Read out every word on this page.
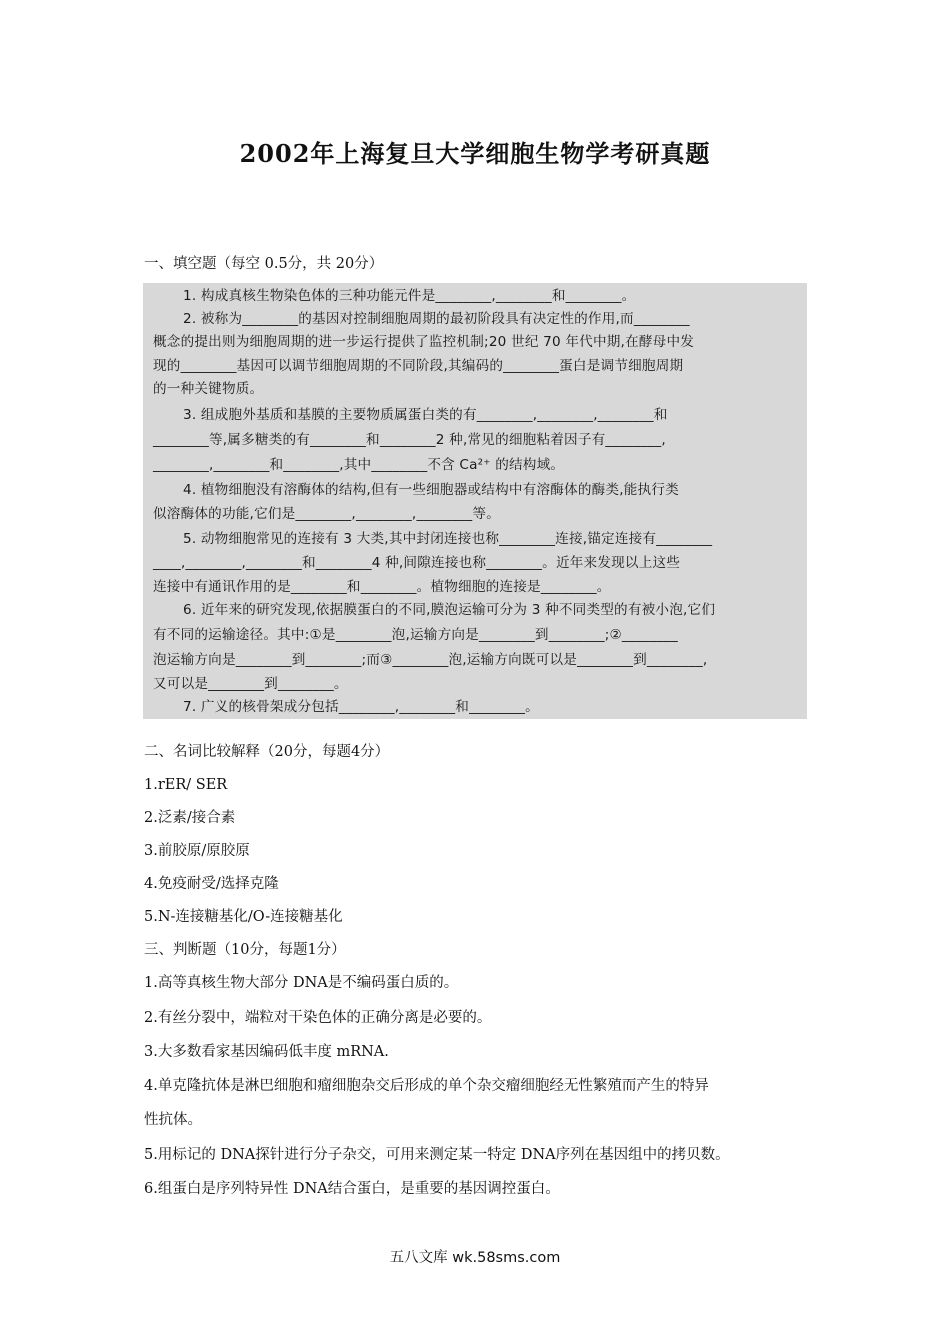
2002年上海复旦大学细胞生物学考研真题
一、填空题（每空 0.5分，共 20分）
1. 构成真核生物染色体的三种功能元件是________,________和________。
2. 被称为________的基因对控制细胞周期的最初阶段具有决定性的作用,而________
概念的提出则为细胞周期的进一步运行提供了监控机制;20 世纪 70 年代中期,在酵母中发
现的________基因可以调节细胞周期的不同阶段,其编码的________蛋白是调节细胞周期
的一种关键物质。
3. 组成胞外基质和基膜的主要物质属蛋白类的有________,________,________和
________等,属多糖类的有________和________2 种,常见的细胞粘着因子有________,
________,________和________,其中________不含 Ca²⁺ 的结构域。
4. 植物细胞没有溶酶体的结构,但有一些细胞器或结构中有溶酶体的酶类,能执行类
似溶酶体的功能,它们是________,________,________等。
5. 动物细胞常见的连接有 3 大类,其中封闭连接也称________连接,锚定连接有________
____,________,________和________4 种,间隙连接也称________。近年来发现以上这些
连接中有通讯作用的是________和________。植物细胞的连接是________。
6. 近年来的研究发现,依据膜蛋白的不同,膜泡运输可分为 3 种不同类型的有被小泡,它们
有不同的运输途径。其中:①是________泡,运输方向是________到________;②________
泡运输方向是________到________;而③________泡,运输方向既可以是________到________,
又可以是________到________。
7. 广义的核骨架成分包括________,________和________。
二、名词比较解释（20分，每题4分）
1.rER/ SER
2.泛素/接合素
3.前胶原/原胶原
4.免疫耐受/选择克隆
5.N-连接糖基化/O-连接糖基化
三、判断题（10分，每题1分）
1.高等真核生物大部分 DNA是不编码蛋白质的。
2.有丝分裂中，端粒对干染色体的正确分离是必要的。
3.大多数看家基因编码低丰度 mRNA.
4.单克隆抗体是淋巴细胞和瘤细胞杂交后形成的单个杂交瘤细胞经无性繁殖而产生的特异
性抗体。
5.用标记的 DNA探针进行分子杂交，可用来测定某一特定 DNA序列在基因组中的拷贝数。
6.组蛋白是序列特异性 DNA结合蛋白，是重要的基因调控蛋白。
五八文库 wk.58sms.com
